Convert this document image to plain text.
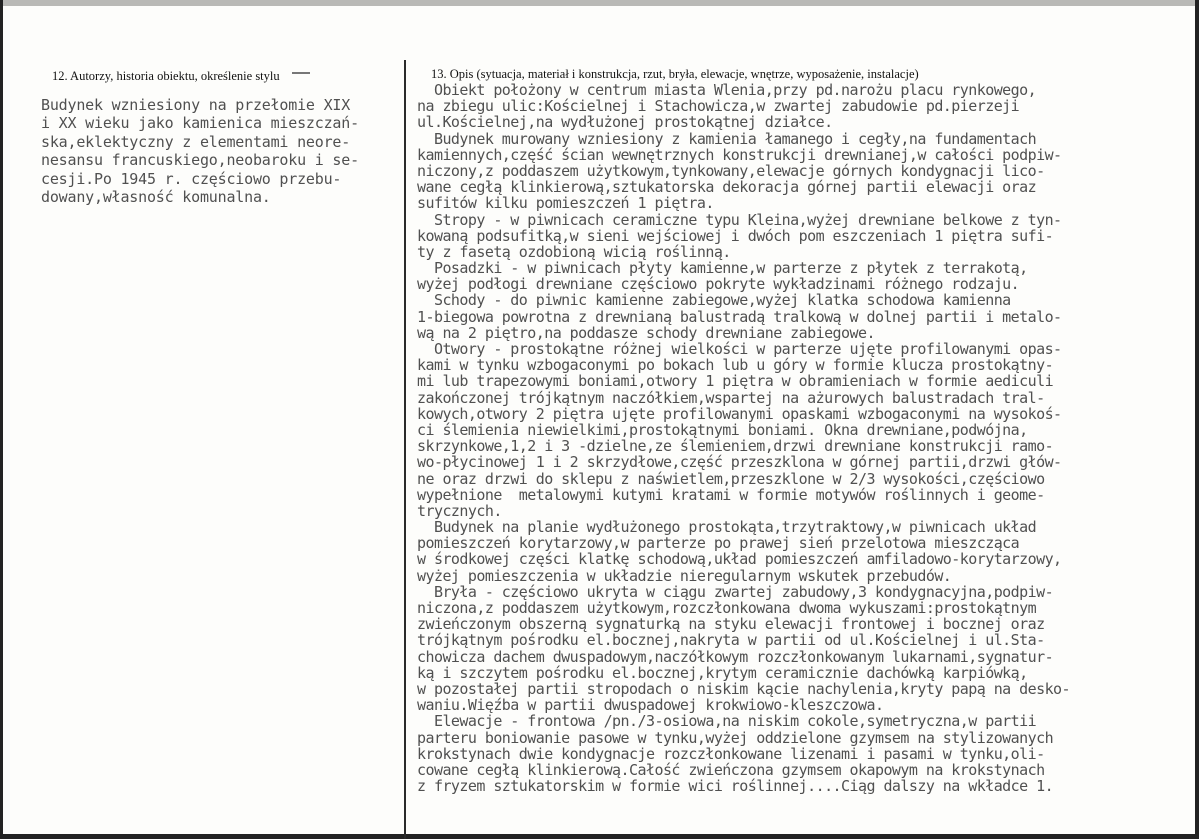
12. Autorzy, historia obiektu, określenie stylu	13. Opis (sytuacja, materiał i konstrukcja, rzut, bryła, elewacje, wnętrze, wyposażenie, instalacje)
Budynek wzniesiony na przełomie XIX
i XX wieku jako kamienica mieszczań-
ska,eklektyczny z elementami neore-
nesansu francuskiego,neobaroku i se-
cesji.Po 1945 r. częściowo przebu-
dowany,własność komunalna.
Obiekt położony w centrum miasta Wlenia,przy pd.narożu placu rynkowego,
na zbiegu ulic:Kościelnej i Stachowicza,w zwartej zabudowie pd.pierzeji
ul.Kościelnej,na wydłużonej prostokątnej działce.
Budynek murowany wzniesiony z kamienia łamanego i cegły,na fundamentach
kamiennych,część ścian wewnętrznych konstrukcji drewnianej,w całości podpiw-
niczony,z poddaszem użytkowym,tynkowany,elewacje górnych kondygnacji lico-
wane cegłą klinkierową,sztukatorska dekoracja górnej partii elewacji oraz
sufitów kilku pomieszczeń 1 piętra.
Stropy - w piwnicach ceramiczne typu Kleina,wyżej drewniane belkowe z tyn-
kowaną podsufitką,w sieni wejściowej i dwóch pom eszczeniach 1 piętra sufi-
ty z fasetą ozdobioną wicią roślinną.
Posadzki - w piwnicach płyty kamienne,w parterze z płytek z terrakotą,
wyżej podłogi drewniane częściowo pokryte wykładzinami różnego rodzaju.
Schody - do piwnic kamienne zabiegowe,wyżej klatka schodowa kamienna
1-biegowa powrotna z drewnianą balustradą tralkową w dolnej partii i metalo-
wą na 2 piętro,na poddasze schody drewniane zabiegowe.
Otwory - prostokątne różnej wielkości w parterze ujęte profilowanymi opas-
kami w tynku wzbogaconymi po bokach lub u góry w formie klucza prostokątny-
mi lub trapezowymi boniami,otwory 1 piętra w obramieniach w formie aediculi
zakończonej trójkątnym naczółkiem,wspartej na ażurowych balustradach tral-
kowych,otwory 2 piętra ujęte profilowanymi opaskami wzbogaconymi na wysokoś-
ci ślemienia niewielkimi,prostokątnymi boniami. Okna drewniane,podwójna,
skrzynkowe,1,2 i 3 -dzielne,ze ślemieniem,drzwi drewniane konstrukcji ramo-
wo-płycinowej 1 i 2 skrzydłowe,część przeszklona w górnej partii,drzwi głów-
ne oraz drzwi do sklepu z naświetlem,przeszklone w 2/3 wysokości,częściowo
wypełnione  metalowymi kutymi kratami w formie motywów roślinnych i geome-
trycznych.
Budynek na planie wydłużonego prostokąta,trzytraktowy,w piwnicach układ
pomieszczeń korytarzowy,w parterze po prawej sień przelotowa mieszcząca
w środkowej części klatkę schodową,układ pomieszczeń amfiladowo-korytarzowy,
wyżej pomieszczenia w układzie nieregularnym wskutek przebudów.
Bryła - częściowo ukryta w ciągu zwartej zabudowy,3 kondygnacyjna,podpiw-
niczona,z poddaszem użytkowym,rozczłonkowana dwoma wykuszami:prostokątnym
zwieńczonym obszerną sygnaturką na styku elewacji frontowej i bocznej oraz
trójkątnym pośrodku el.bocznej,nakryta w partii od ul.Kościelnej i ul.Sta-
chowicza dachem dwuspadowym,naczółkowym rozczłonkowanym lukarnami,sygnatur-
ką i szczytem pośrodku el.bocznej,krytym ceramicznie dachówką karpiówką,
w pozostałej partii stropodach o niskim kącie nachylenia,kryty papą na desko-
waniu.Więźba w partii dwuspadowej krokwiowo-kleszczowa.
Elewacje - frontowa /pn./3-osiowa,na niskim cokole,symetryczna,w partii
parteru boniowanie pasowe w tynku,wyżej oddzielone gzymsem na stylizowanych
krokstynach dwie kondygnacje rozczłonkowane lizenami i pasami w tynku,oli-
cowane cegłą klinkierową.Całość zwieńczona gzymsem okapowym na krokstynach
z fryzem sztukatorskim w formie wici roślinnej....Ciąg dalszy na wkładce 1.
